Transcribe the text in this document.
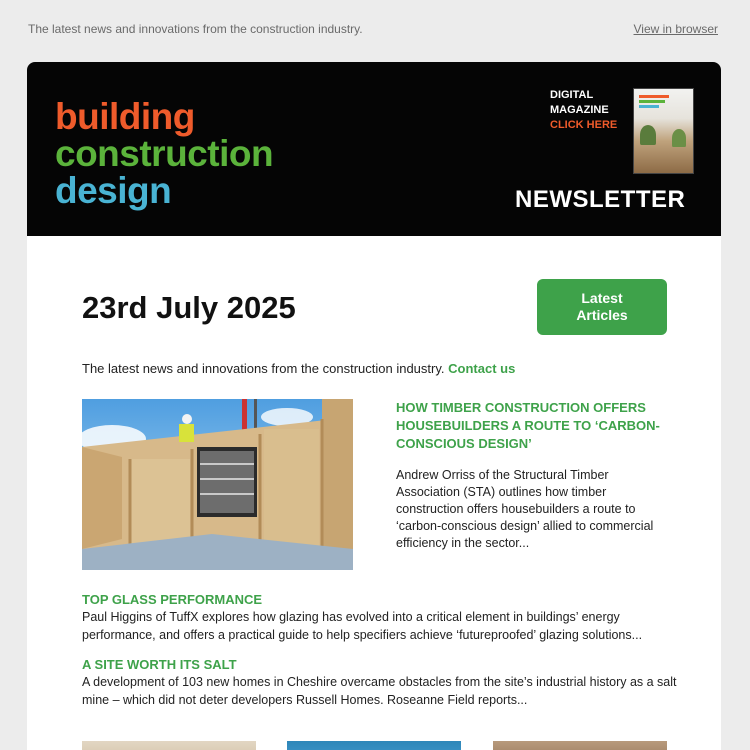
The latest news and innovations from the construction industry.	View in browser
building
construction
design
DIGITAL
MAGAZINE
CLICK HERE
NEWSLETTER
23rd July 2025	Latest Articles
The latest news and innovations from the construction industry. Contact us
HOW TIMBER CONSTRUCTION OFFERS HOUSEBUILDERS A ROUTE TO ‘CARBON-CONSCIOUS DESIGN’
Andrew Orriss of the Structural Timber Association (STA) outlines how timber construction offers housebuilders a route to ‘carbon-conscious design’ allied to commercial efficiency in the sector...
TOP GLASS PERFORMANCE
Paul Higgins of TuffX explores how glazing has evolved into a critical element in buildings’ energy performance, and offers a practical guide to help specifiers achieve ‘futureproofed’ glazing solutions...
A SITE WORTH ITS SALT
A development of 103 new homes in Cheshire overcame obstacles from the site’s industrial history as a salt mine – which did not deter developers Russell Homes. Roseanne Field reports...
